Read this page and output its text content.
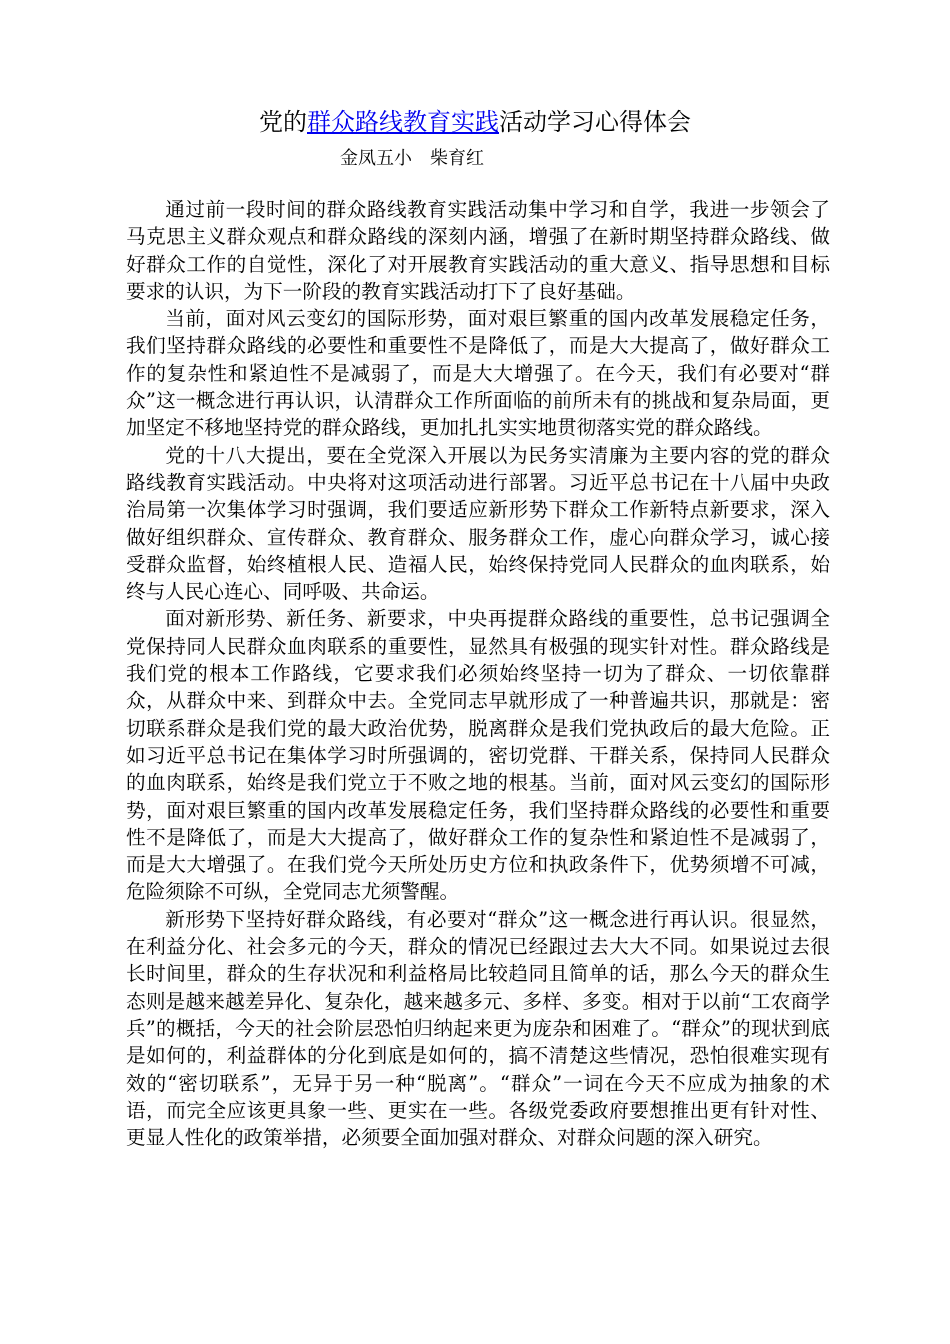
党的群众路线教育实践活动学习心得体会
金凤五小　柴育红

通过前一段时间的群众路线教育实践活动集中学习和自学，我进一步领会了马克思主义群众观点和群众路线的深刻内涵，增强了在新时期坚持群众路线、做好群众工作的自觉性，深化了对开展教育实践活动的重大意义、指导思想和目标要求的认识，为下一阶段的教育实践活动打下了良好基础。

当前，面对风云变幻的国际形势，面对艰巨繁重的国内改革发展稳定任务，我们坚持群众路线的必要性和重要性不是降低了，而是大大提高了，做好群众工作的复杂性和紧迫性不是减弱了，而是大大增强了。在今天，我们有必要对“群众”这一概念进行再认识，认清群众工作所面临的前所未有的挑战和复杂局面，更加坚定不移地坚持党的群众路线，更加扎扎实实地贯彻落实党的群众路线。

党的十八大提出，要在全党深入开展以为民务实清廉为主要内容的党的群众路线教育实践活动。中央将对这项活动进行部署。习近平总书记在十八届中央政治局第一次集体学习时强调，我们要适应新形势下群众工作新特点新要求，深入做好组织群众、宣传群众、教育群众、服务群众工作，虚心向群众学习，诚心接受群众监督，始终植根人民、造福人民，始终保持党同人民群众的血肉联系，始终与人民心连心、同呼吸、共命运。

面对新形势、新任务、新要求，中央再提群众路线的重要性，总书记强调全党保持同人民群众血肉联系的重要性，显然具有极强的现实针对性。群众路线是我们党的根本工作路线，它要求我们必须始终坚持一切为了群众、一切依靠群众，从群众中来、到群众中去。全党同志早就形成了一种普遍共识，那就是：密切联系群众是我们党的最大政治优势，脱离群众是我们党执政后的最大危险。正如习近平总书记在集体学习时所强调的，密切党群、干群关系，保持同人民群众的血肉联系，始终是我们党立于不败之地的根基。当前，面对风云变幻的国际形势，面对艰巨繁重的国内改革发展稳定任务，我们坚持群众路线的必要性和重要性不是降低了，而是大大提高了，做好群众工作的复杂性和紧迫性不是减弱了，而是大大增强了。在我们党今天所处历史方位和执政条件下，优势须增不可减，危险须除不可纵，全党同志尤须警醒。

新形势下坚持好群众路线，有必要对“群众”这一概念进行再认识。很显然，在利益分化、社会多元的今天，群众的情况已经跟过去大大不同。如果说过去很长时间里，群众的生存状况和利益格局比较趋同且简单的话，那么今天的群众生态则是越来越差异化、复杂化，越来越多元、多样、多变。相对于以前“工农商学兵”的概括，今天的社会阶层恐怕归纳起来更为庞杂和困难了。“群众”的现状到底是如何的，利益群体的分化到底是如何的，搞不清楚这些情况，恐怕很难实现有效的“密切联系”，无异于另一种“脱离”。“群众”一词在今天不应成为抽象的术语，而完全应该更具象一些、更实在一些。各级党委政府要想推出更有针对性、更显人性化的政策举措，必须要全面加强对群众、对群众问题的深入研究。
